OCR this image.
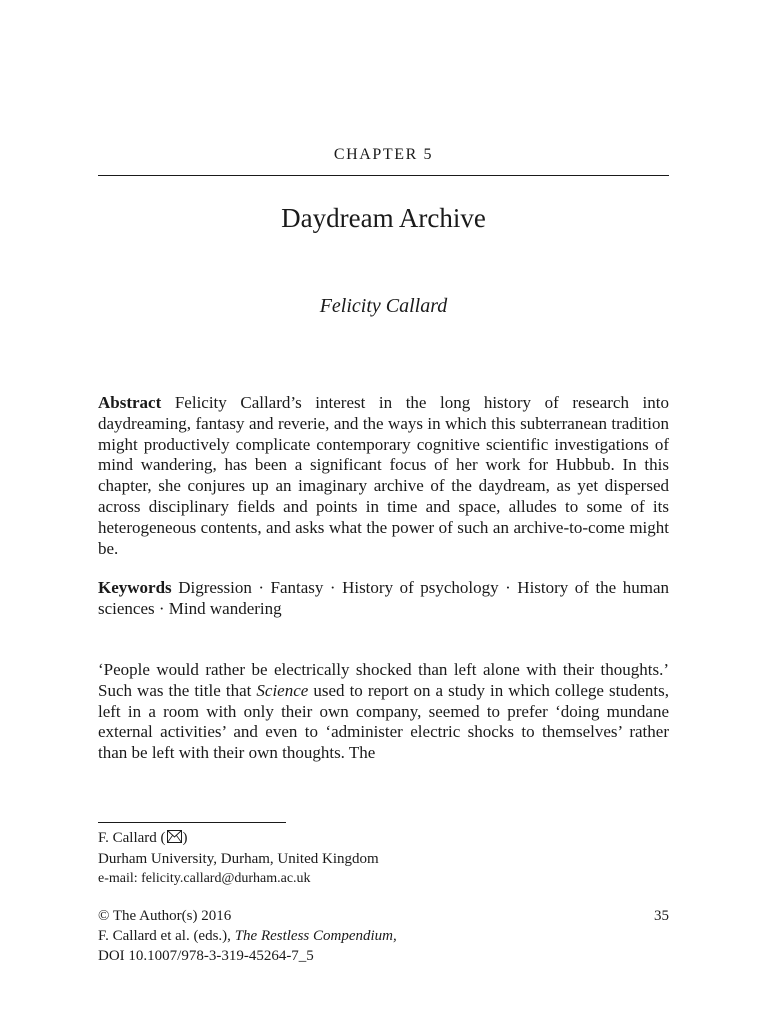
CHAPTER 5
Daydream Archive
Felicity Callard

Abstract Felicity Callard’s interest in the long history of research into daydreaming, fantasy and reverie, and the ways in which this subterranean tradition might productively complicate contemporary cognitive scientific investigations of mind wandering, has been a significant focus of her work for Hubbub. In this chapter, she conjures up an imaginary archive of the daydream, as yet dispersed across disciplinary fields and points in time and space, alludes to some of its heterogeneous contents, and asks what the power of such an archive-to-come might be.

Keywords Digression · Fantasy · History of psychology · History of the human sciences · Mind wandering

‘People would rather be electrically shocked than left alone with their thoughts.’ Such was the title that Science used to report on a study in which college students, left in a room with only their own company, seemed to prefer ‘doing mundane external activities’ and even to ‘administer electric shocks to themselves’ rather than be left with their own thoughts. The

F. Callard ( )
Durham University, Durham, United Kingdom
e-mail: felicity.callard@durham.ac.uk
© The Author(s) 2016
F. Callard et al. (eds.), The Restless Compendium,
DOI 10.1007/978-3-319-45264-7_5
35
